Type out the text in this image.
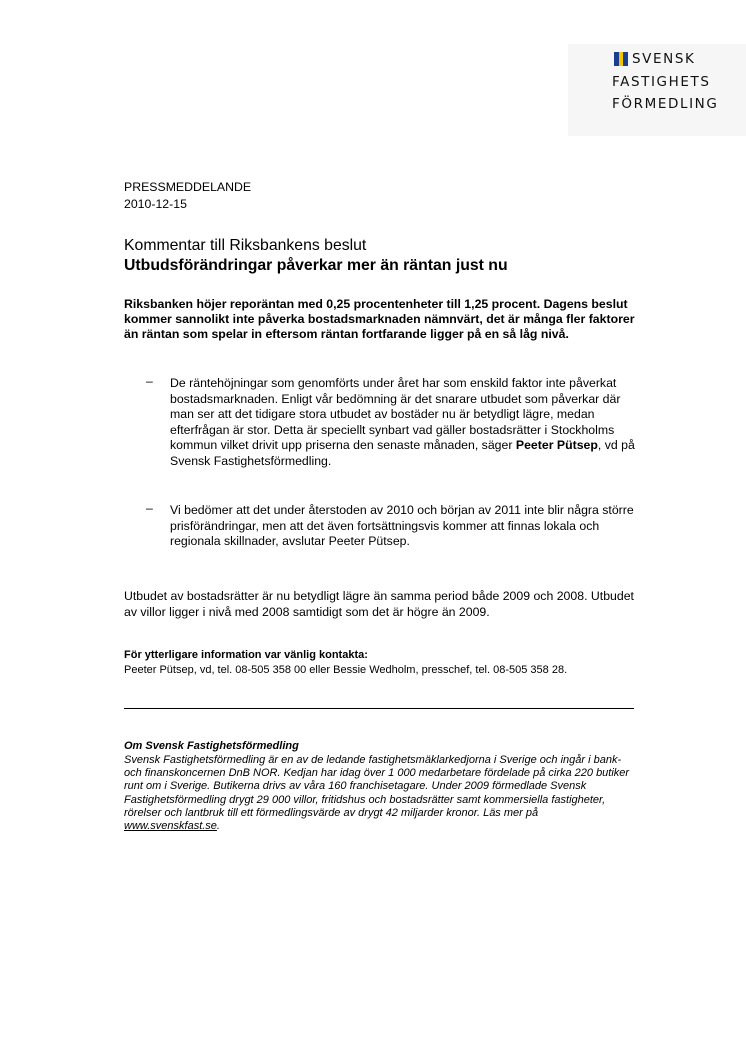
SVENSK
FASTIGHETS
FÖRMEDLING
PRESSMEDDELANDE
2010-12-15
Kommentar till Riksbankens beslut
Utbudsförändringar påverkar mer än räntan just nu
Riksbanken höjer reporäntan med 0,25 procentenheter till 1,25 procent. Dagens beslut kommer sannolikt inte påverka bostadsmarknaden nämnvärt, det är många fler faktorer än räntan som spelar in eftersom räntan fortfarande ligger på en så låg nivå.
– De räntehöjningar som genomförts under året har som enskild faktor inte påverkat bostadsmarknaden. Enligt vår bedömning är det snarare utbudet som påverkar där man ser att det tidigare stora utbudet av bostäder nu är betydligt lägre, medan efterfrågan är stor. Detta är speciellt synbart vad gäller bostadsrätter i Stockholms kommun vilket drivit upp priserna den senaste månaden, säger Peeter Pütsep, vd på Svensk Fastighetsförmedling.
– Vi bedömer att det under återstoden av 2010 och början av 2011 inte blir några större prisförändringar, men att det även fortsättningsvis kommer att finnas lokala och regionala skillnader, avslutar Peeter Pütsep.
Utbudet av bostadsrätter är nu betydligt lägre än samma period både 2009 och 2008. Utbudet av villor ligger i nivå med 2008 samtidigt som det är högre än 2009.
För ytterligare information var vänlig kontakta:
Peeter Pütsep, vd, tel. 08-505 358 00 eller Bessie Wedholm, presschef, tel. 08-505 358 28.
Om Svensk Fastighetsförmedling
Svensk Fastighetsförmedling är en av de ledande fastighetsmäklarkedjorna i Sverige och ingår i bank- och finanskoncernen DnB NOR. Kedjan har idag över 1 000 medarbetare fördelade på cirka 220 butiker runt om i Sverige. Butikerna drivs av våra 160 franchisetagare. Under 2009 förmedlade Svensk Fastighetsförmedling drygt 29 000 villor, fritidshus och bostadsrätter samt kommersiella fastigheter, rörelser och lantbruk till ett förmedlingsvärde av drygt 42 miljarder kronor. Läs mer på www.svenskfast.se.
